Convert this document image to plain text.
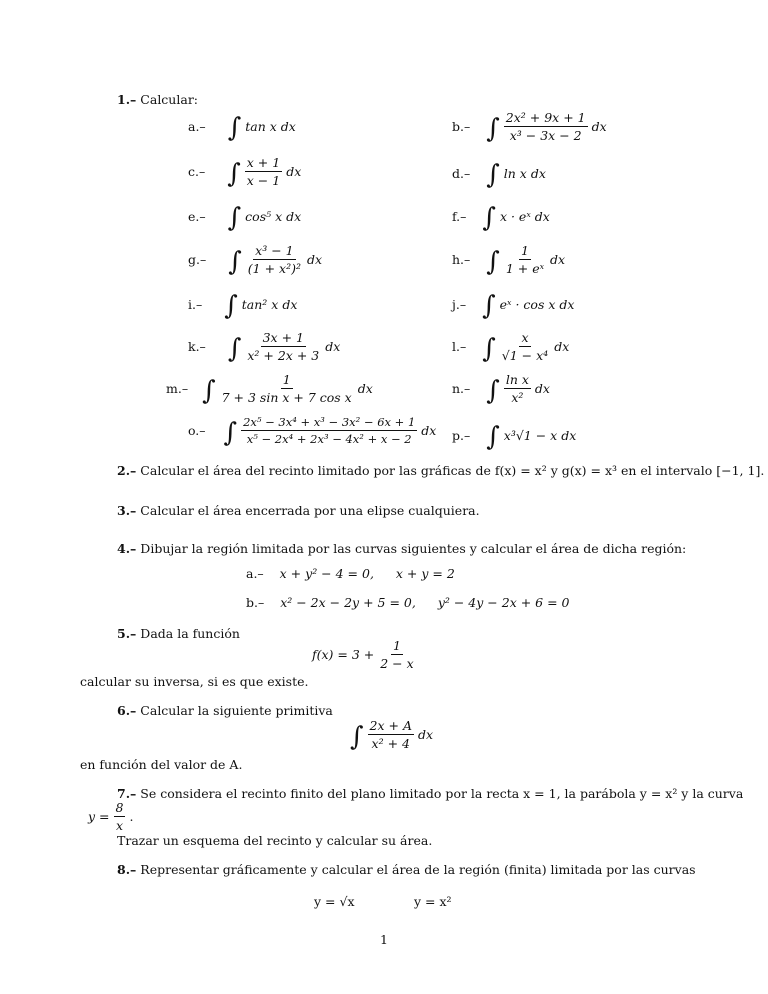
1.– Calcular:
a.– ∫ tan x dx	b.– ∫ $\frac{\text{2x² + 9x + 1}}{\text{x³ − 3x − 2}}$ dx
c.– ∫ $\frac{x + 1}{x - 1}$ dx	d.– ∫ ln x dx
e.– ∫ cos⁵ x dx	f.– ∫ x · eˣ dx
g.– ∫ $\frac{\text{x³ − 1}}{\text{(1 + x²)²}}$ dx	h.– ∫ $\frac{1}{\text{1 + eˣ}}$ dx
i.– ∫ tan² x dx	j.– ∫ eˣ · cos x dx
k.– ∫ $\frac{3x + 1}{\text{x² + 2x + 3}}$ dx	l.– ∫ $\frac{x}{\text{√1 − x⁴}}$ dx
m.– ∫ $\frac{1}{\text{7 + 3 sin x + 7 cos x}}$ dx	n.– ∫ $\frac{\text{ln x}}{\text{x²}}$ dx
o.– ∫ $\frac{\text{2x⁵ − 3x⁴ + x³ − 3x² − 6x + 1}}{\text{x⁵ − 2x⁴ + 2x³ − 4x² + x − 2}}$ dx p.– ∫ x³√1 − x dx
2.– Calcular el área del recinto limitado por las gráficas de f(x) = x² y g(x) = x³ en el intervalo [−1, 1].
3.– Calcular el área encerrada por una elipse cualquiera.
4.– Dibujar la región limitada por las curvas siguientes y calcular el área de dicha región:
a.– x + y² − 4 = 0, x + y = 2
b.– x² − 2x − 2y + 5 = 0, y² − 4y − 2x + 6 = 0
5.– Dada la función
$f(x) = 3 + \frac{1}{2 - x}$
calcular su inversa, si es que existe.
6.– Calcular la siguiente primitiva
∫ $\frac{2x + A}{\text{x² + 4}}$ dx
en función del valor de A.
7.– Se considera el recinto finito del plano limitado por la recta x = 1, la parábola y = x² y la curva
$y = \frac{8}{x}$ .
Trazar un esquema del recinto y calcular su área.
8.– Representar gráficamente y calcular el área de la región (finita) limitada por las curvas
y = √x	y = x²
1
